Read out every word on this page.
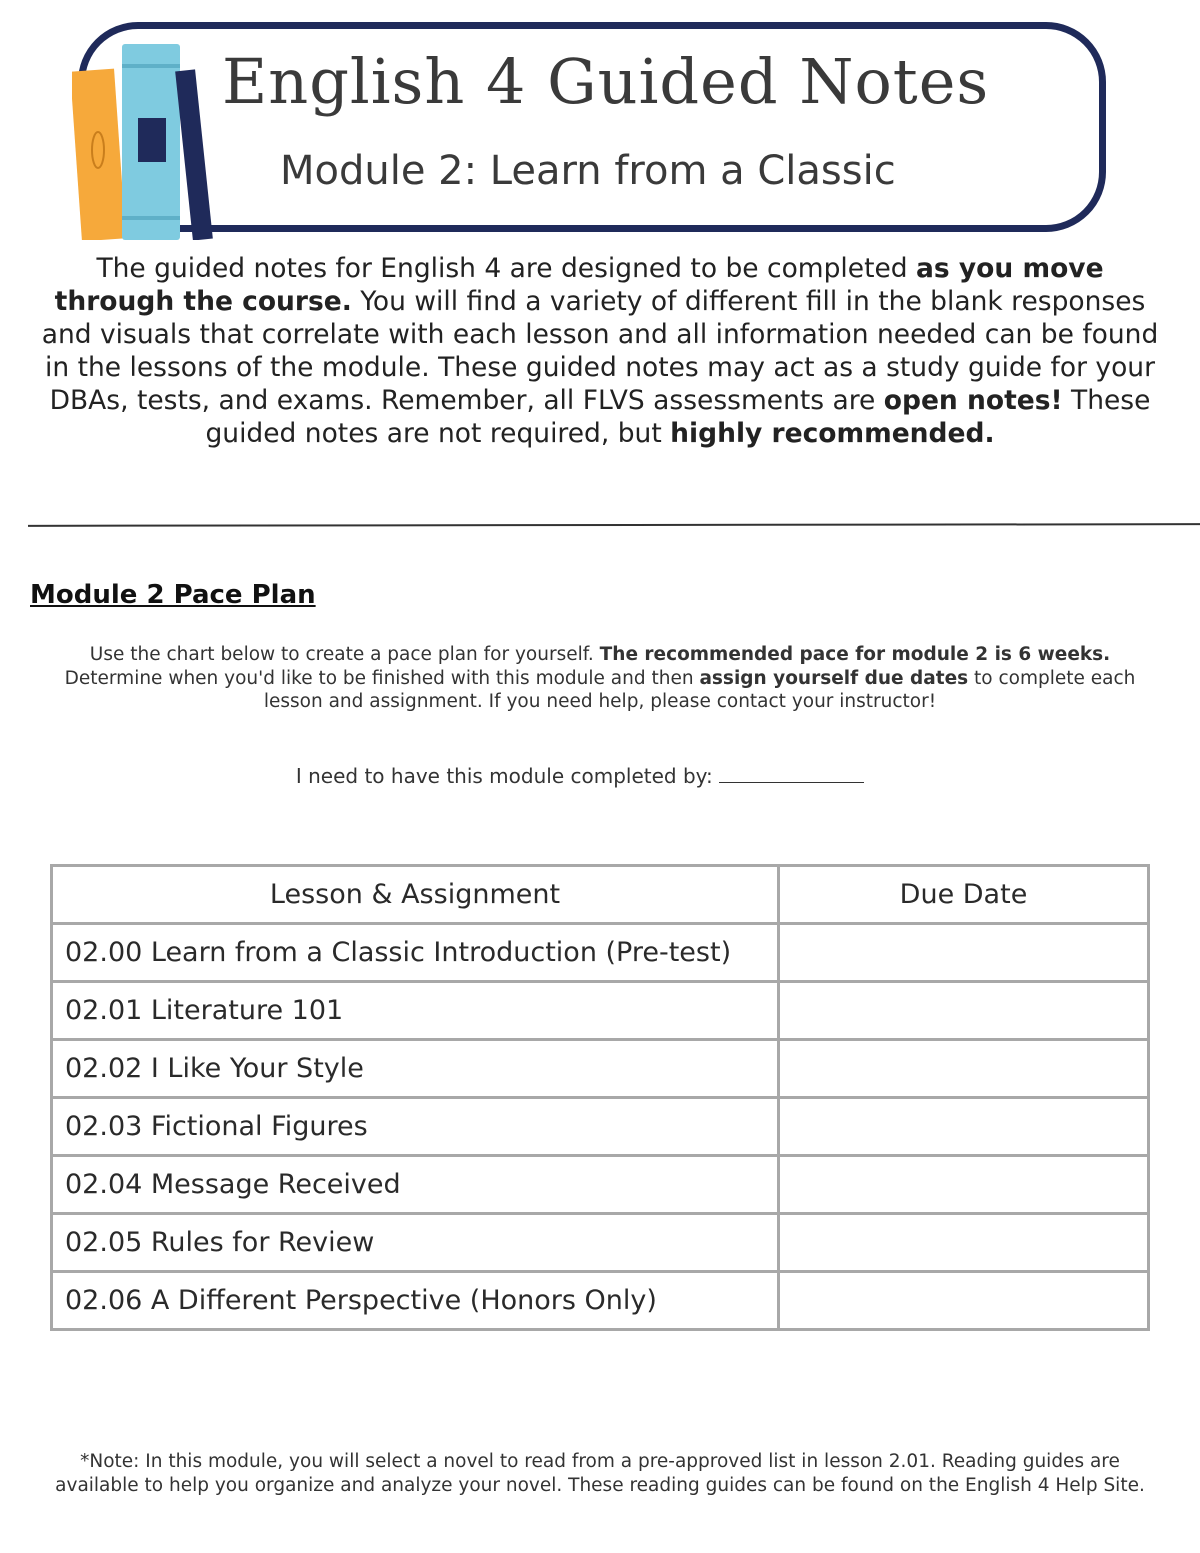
English 4 Guided Notes
Module 2: Learn from a Classic
The guided notes for English 4 are designed to be completed as you move through the course. You will find a variety of different fill in the blank responses and visuals that correlate with each lesson and all information needed can be found in the lessons of the module. These guided notes may act as a study guide for your DBAs, tests, and exams. Remember, all FLVS assessments are open notes! These guided notes are not required, but highly recommended.
Module 2 Pace Plan
Use the chart below to create a pace plan for yourself. The recommended pace for module 2 is 6 weeks. Determine when you'd like to be finished with this module and then assign yourself due dates to complete each lesson and assignment. If you need help, please contact your instructor!
I need to have this module completed by:
Lesson & Assignment	Due Date
02.00 Learn from a Classic Introduction (Pre-test)	
02.01 Literature 101	
02.02 I Like Your Style	
02.03 Fictional Figures	
02.04 Message Received	
02.05 Rules for Review	
02.06 A Different Perspective (Honors Only)	
*Note: In this module, you will select a novel to read from a pre-approved list in lesson 2.01. Reading guides are available to help you organize and analyze your novel. These reading guides can be found on the English 4 Help Site.
